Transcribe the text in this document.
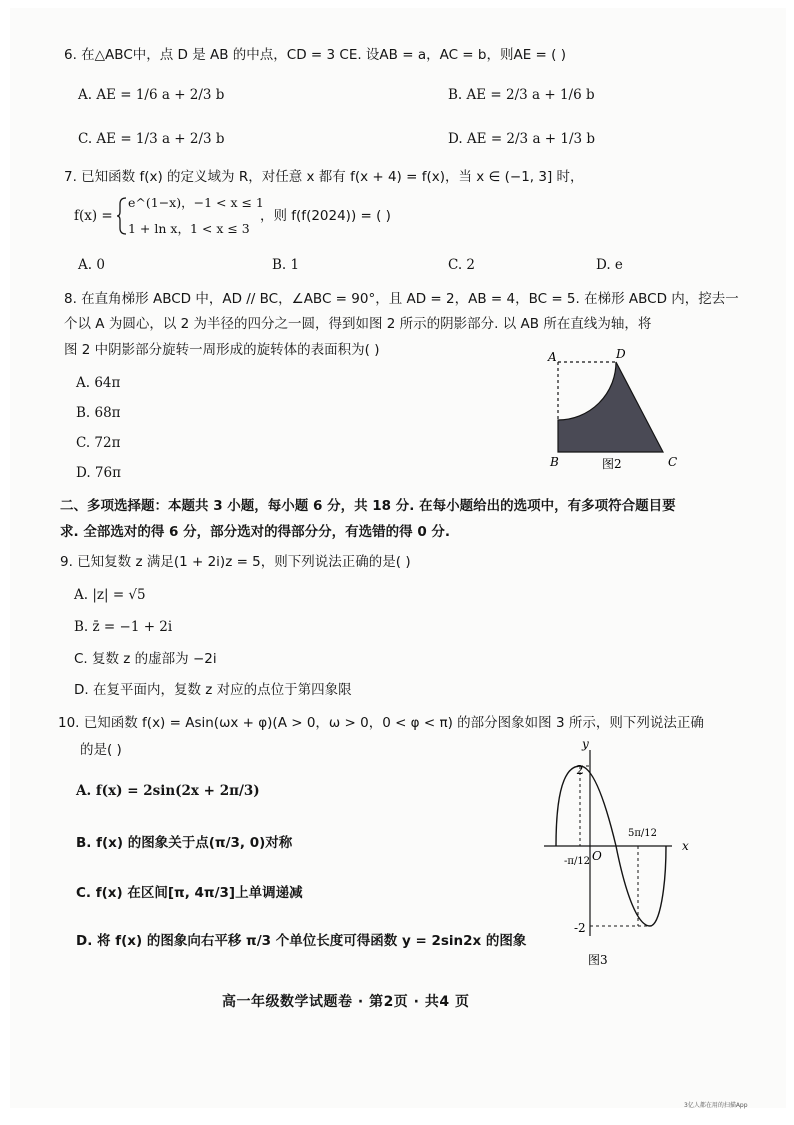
6. 在△ABC中，点 D 是 AB 的中点，CD = 3 CE. 设AB = a，AC = b，则AE = ( )
A. AE = 1/6 a + 2/3 b	B. AE = 2/3 a + 1/6 b
C. AE = 1/3 a + 2/3 b	D. AE = 2/3 a + 1/3 b
7. 已知函数 f(x) 的定义域为 R，对任意 x 都有 f(x + 4) = f(x)，当 x ∈ (−1, 3] 时，
f(x) =
e^(1−x)，−1 < x ≤ 1
1 + ln x，1 < x ≤ 3
，则 f(f(2024)) = ( )
A. 0	B. 1	C. 2	D. e
8. 在直角梯形 ABCD 中，AD // BC，∠ABC = 90°，且 AD = 2，AB = 4，BC = 5. 在梯形 ABCD 内，挖去一
个以 A 为圆心，以 2 为半径的四分之一圆，得到如图 2 所示的阴影部分. 以 AB 所在直线为轴，将
图 2 中阴影部分旋转一周形成的旋转体的表面积为( )
A. 64π
B. 68π
C. 72π
D. 76π
A	D
B	C
图2
二、多项选择题：本题共 3 小题，每小题 6 分，共 18 分. 在每小题给出的选项中，有多项符合题目要
求. 全部选对的得 6 分，部分选对的得部分分，有选错的得 0 分.
9. 已知复数 z 满足(1 + 2i)z = 5，则下列说法正确的是( )
A. |z| = √5
B. z̄ = −1 + 2i
C. 复数 z 的虚部为 −2i
D. 在复平面内，复数 z 对应的点位于第四象限
10. 已知函数 f(x) = Asin(ωx + φ)(A > 0，ω > 0，0 < φ < π) 的部分图象如图 3 所示，则下列说法正确
的是( )
A. f(x) = 2sin(2x + 2π/3)
B. f(x) 的图象关于点(π/3, 0)对称
C. f(x) 在区间[π, 4π/3]上单调递减
D. 将 f(x) 的图象向右平移 π/3 个单位长度可得函数 y = 2sin2x 的图象
y
x
O
2
-2
-π/12
5π/12
图3
高一年级数学试题卷 · 第2页 · 共4 页
3亿人都在用的扫描App
